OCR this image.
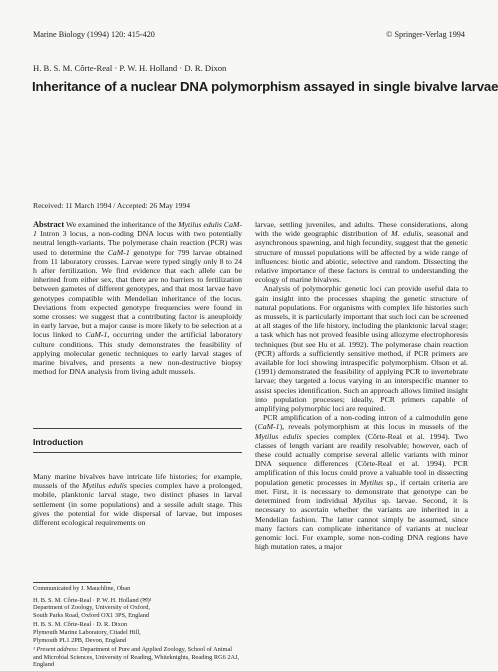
Marine Biology (1994) 120: 415-420	© Springer-Verlag 1994
H. B. S. M. Côrte-Real · P. W. H. Holland · D. R. Dixon
Inheritance of a nuclear DNA polymorphism assayed in single bivalve larvae
Received: 11 March 1994 / Accepted: 26 May 1994

Abstract We examined the inheritance of the Mytilus edulis CaM-1 Intron 3 locus, a non-coding DNA locus with two potentially neutral length-variants. The polymerase chain reaction (PCR) was used to determine the CaM-1 genotype for 799 larvae obtained from 11 laboratory crosses. Larvae were typed singly only 8 to 24 h after fertilization. We find evidence that each allele can be inherited from either sex, that there are no barriers to fertilization between gametes of different genotypes, and that most larvae have genotypes compatible with Mendelian inheritance of the locus. Deviations from expected genotype frequencies were found in some crosses: we suggest that a contributing factor is aneuploidy in early larvae, but a major cause is more likely to be selection at a locus linked to CaM-1, occurring under the artificial laboratory culture conditions. This study demonstrates the feasibility of applying molecular genetic techniques to early larval stages of marine bivalves, and presents a new non-destructive biopsy method for DNA analysis from living adult mussels.

Introduction

Many marine bivalves have intricate life histories; for example, mussels of the Mytilus edulis species complex have a prolonged, mobile, planktonic larval stage, two distinct phases in larval settlement (in some populations) and a sessile adult stage. This gives the potential for wide dispersal of larvae, but imposes different ecological requirements on

Communicated by J. Mauchline, Oban
H. B. S. M. Côrte-Real · P. W. H. Holland (✉)¹
Department of Zoology, University of Oxford,
South Parks Road, Oxford OX1 3PS, England
H. B. S. M. Côrte-Real · D. R. Dixon
Plymouth Marine Laboratory, Citadel Hill,
Plymouth PL1 2PB, Devon, England
¹ Present address: Department of Pure and Applied Zoology, School of Animal and Microbial Sciences, University of Reading, Whiteknights, Reading RG6 2AJ, England

larvae, settling juveniles, and adults. These considerations, along with the wide geographic distribution of M. edulis, seasonal and asynchronous spawning, and high fecundity, suggest that the genetic structure of mussel populations will be affected by a wide range of influences: biotic and abiotic, selective and random. Dissecting the relative importance of these factors is central to understanding the ecology of marine bivalves.

Analysis of polymorphic genetic loci can provide useful data to gain insight into the processes shaping the genetic structure of natural populations. For organisms with complex life histories such as mussels, it is particularly important that such loci can be screened at all stages of the life history, including the planktonic larval stage; a task which has not proved feasible using allozyme electrophoresis techniques (but see Hu et al. 1992). The polymerase chain reaction (PCR) affords a sufficiently sensitive method, if PCR primers are available for loci showing intraspecific polymorphism. Olson et al. (1991) demonstrated the feasibility of applying PCR to invertebrate larvae; they targeted a locus varying in an interspecific manner to assist species identification. Such an approach allows limited insight into population processes; ideally, PCR primers capable of amplifying polymorphic loci are required.

PCR amplification of a non-coding intron of a calmodulin gene (CaM-1), reveals polymorphism at this locus in mussels of the Mytilus edulis species complex (Côrte-Real et al. 1994). Two classes of length variant are readily resolvable; however, each of these could actually comprise several allelic variants with minor DNA sequence differences (Côrte-Real et al. 1994). PCR amplification of this locus could prove a valuable tool in dissecting population genetic processes in Mytilus sp., if certain criteria are met. First, it is necessary to demonstrate that genotype can be determined from individual Mytilus sp. larvae. Second, it is necessary to ascertain whether the variants are inherited in a Mendelian fashion. The latter cannot simply be assumed, since many factors can complicate inheritance of variants at nuclear genomic loci. For example, some non-coding DNA regions have high mutation rates, a major
